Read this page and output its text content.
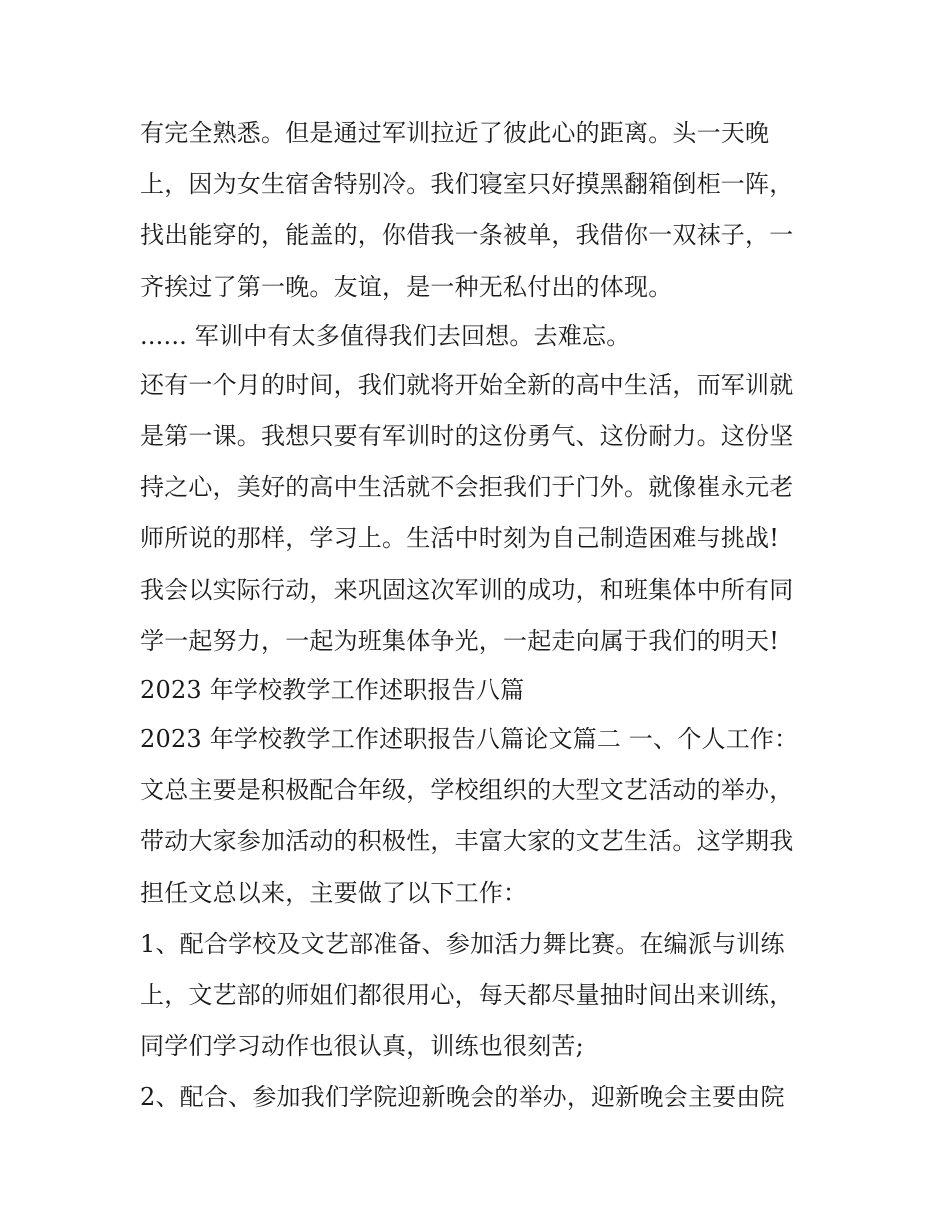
有完全熟悉。但是通过军训拉近了彼此心的距离。头一天晚
上，因为女生宿舍特别冷。我们寝室只好摸黑翻箱倒柜一阵，
找出能穿的，能盖的，你借我一条被单，我借你一双袜子，一
齐挨过了第一晚。友谊，是一种无私付出的体现。
...... 军训中有太多值得我们去回想。去难忘。
还有一个月的时间，我们就将开始全新的高中生活，而军训就
是第一课。我想只要有军训时的这份勇气、这份耐力。这份坚
持之心，美好的高中生活就不会拒我们于门外。就像崔永元老
师所说的那样，学习上。生活中时刻为自己制造困难与挑战!
我会以实际行动，来巩固这次军训的成功，和班集体中所有同
学一起努力，一起为班集体争光，一起走向属于我们的明天!
2023 年学校教学工作述职报告八篇
2023 年学校教学工作述职报告八篇论文篇二 一、个人工作：
文总主要是积极配合年级，学校组织的大型文艺活动的举办，
带动大家参加活动的积极性，丰富大家的文艺生活。这学期我
担任文总以来，主要做了以下工作：
1、配合学校及文艺部准备、参加活力舞比赛。在编派与训练
上，文艺部的师姐们都很用心，每天都尽量抽时间出来训练，
同学们学习动作也很认真，训练也很刻苦;
2、配合、参加我们学院迎新晚会的举办，迎新晚会主要由院
